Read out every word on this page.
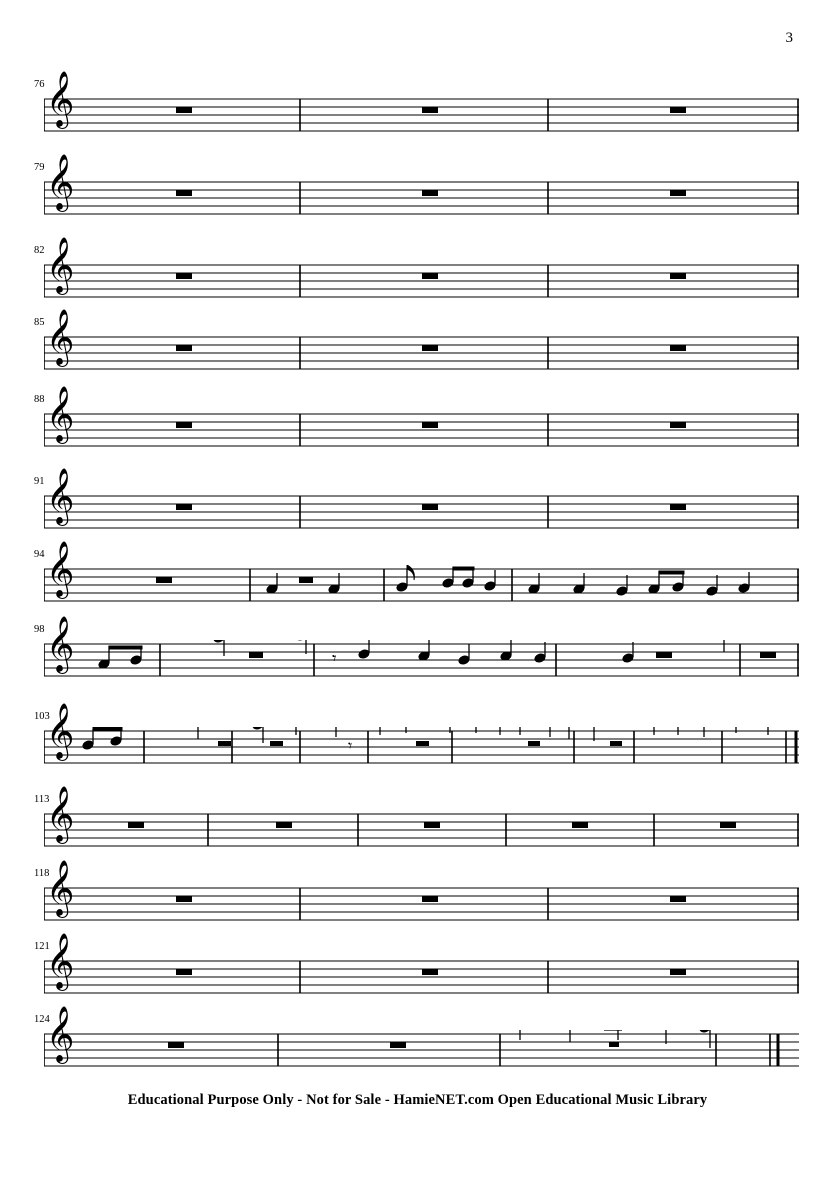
3
76 𝄞
79 𝄞
82 𝄞
85 𝄞
88 𝄞
91 𝄞
94 𝄞
98 𝄞	𝄾
103
𝄞	𝄾
113
𝄞
118
𝄞
121
𝄞
124
𝄞
Educational Purpose Only - Not for Sale - HamieNET.com Open Educational Music Library
